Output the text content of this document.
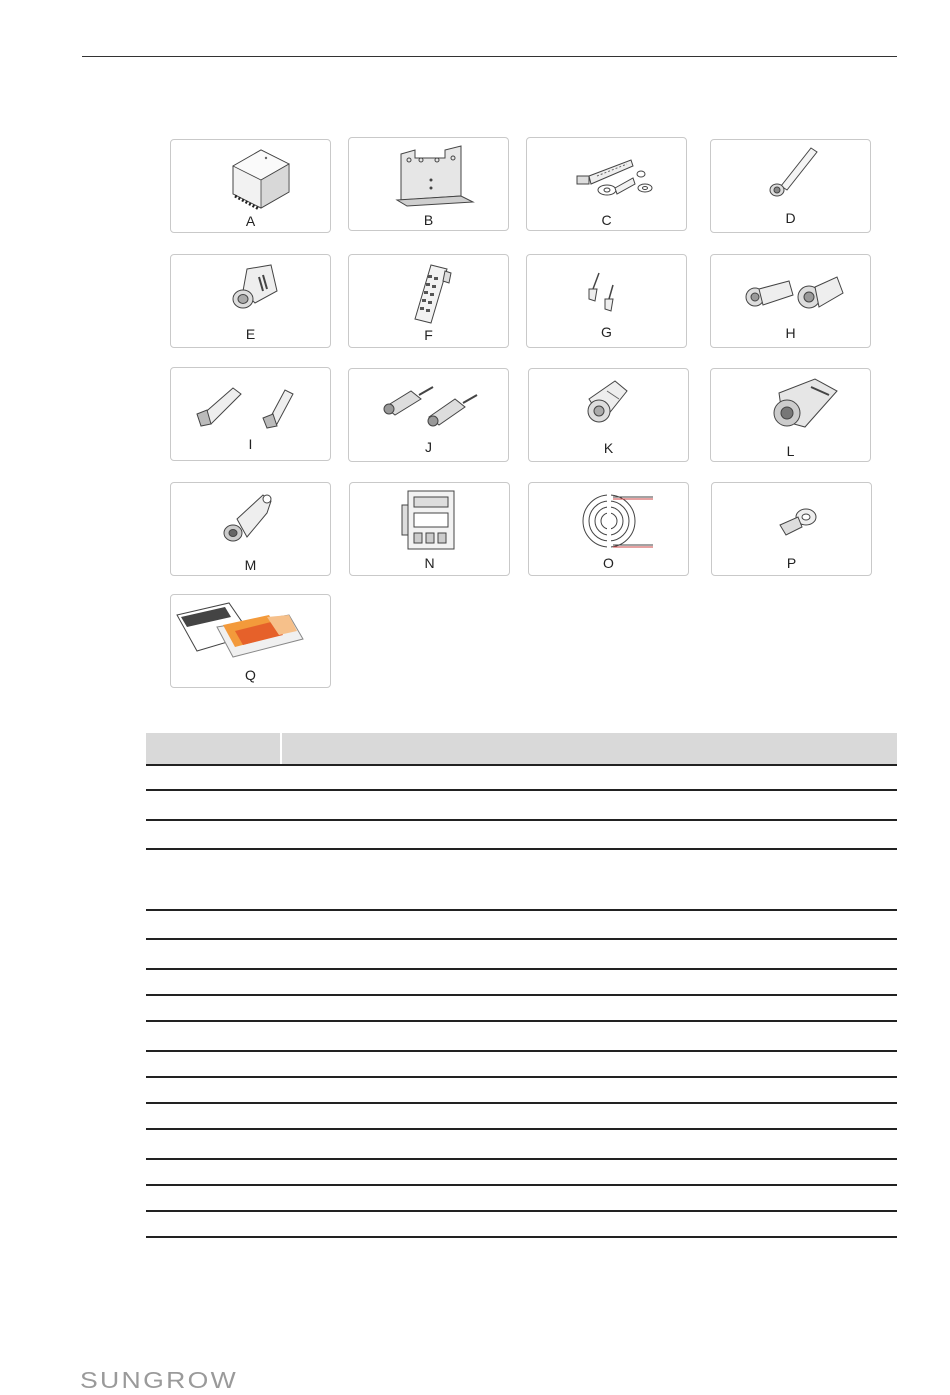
A	B	C	D
E	F	G	H
I	J	K	L
M	N	O	P
Q
SUNGROW
